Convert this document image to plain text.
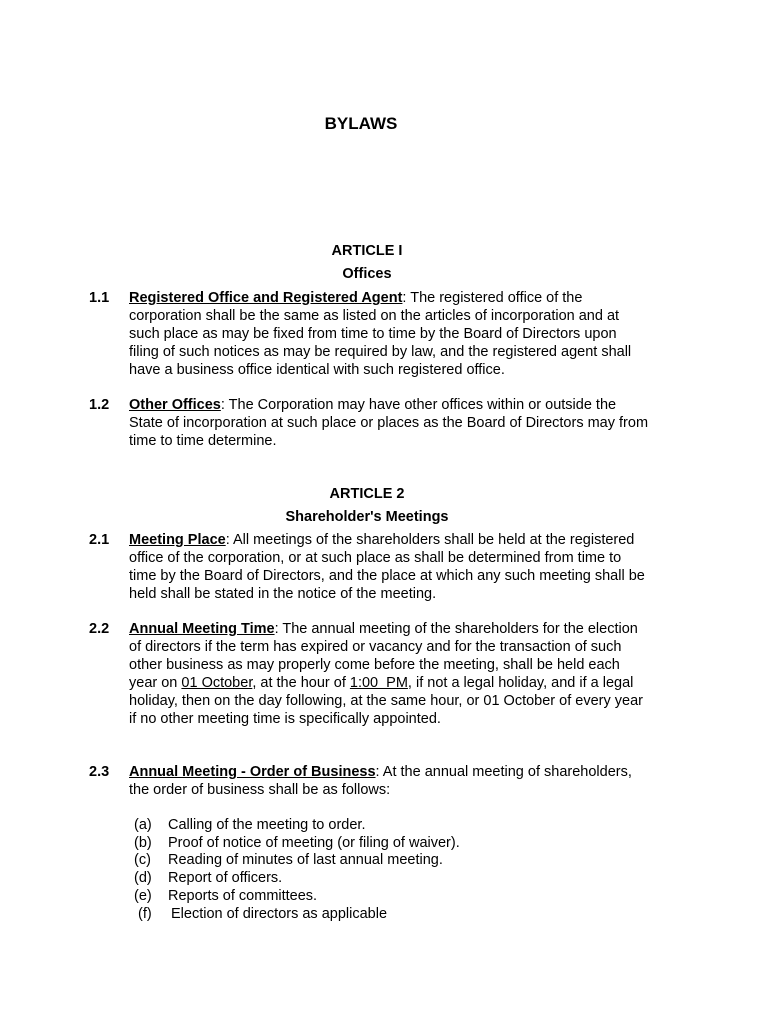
BYLAWS
ARTICLE I
Offices
1.1 Registered Office and Registered Agent: The registered office of the corporation shall be the same as listed on the articles of incorporation and at such place as may be fixed from time to time by the Board of Directors upon filing of such notices as may be required by law, and the registered agent shall have a business office identical with such registered office.
1.2 Other Offices: The Corporation may have other offices within or outside the State of incorporation at such place or places as the Board of Directors may from time to time determine.
ARTICLE 2
Shareholder's Meetings
2.1 Meeting Place: All meetings of the shareholders shall be held at the registered office of the corporation, or at such place as shall be determined from time to time by the Board of Directors, and the place at which any such meeting shall be held shall be stated in the notice of the meeting.
2.2 Annual Meeting Time: The annual meeting of the shareholders for the election of directors if the term has expired or vacancy and for the transaction of such other business as may properly come before the meeting, shall be held each year on 01 October, at the hour of 1:00  PM, if not a legal holiday, and if a legal holiday, then on the day following, at the same hour, or 01 October of every year if no other meeting time is specifically appointed.
2.3 Annual Meeting - Order of Business: At the annual meeting of shareholders, the order of business shall be as follows:
(a) Calling of the meeting to order.
(b) Proof of notice of meeting (or filing of waiver).
(c) Reading of minutes of last annual meeting.
(d) Report of officers.
(e) Reports of committees.
(f) Election of directors as applicable
